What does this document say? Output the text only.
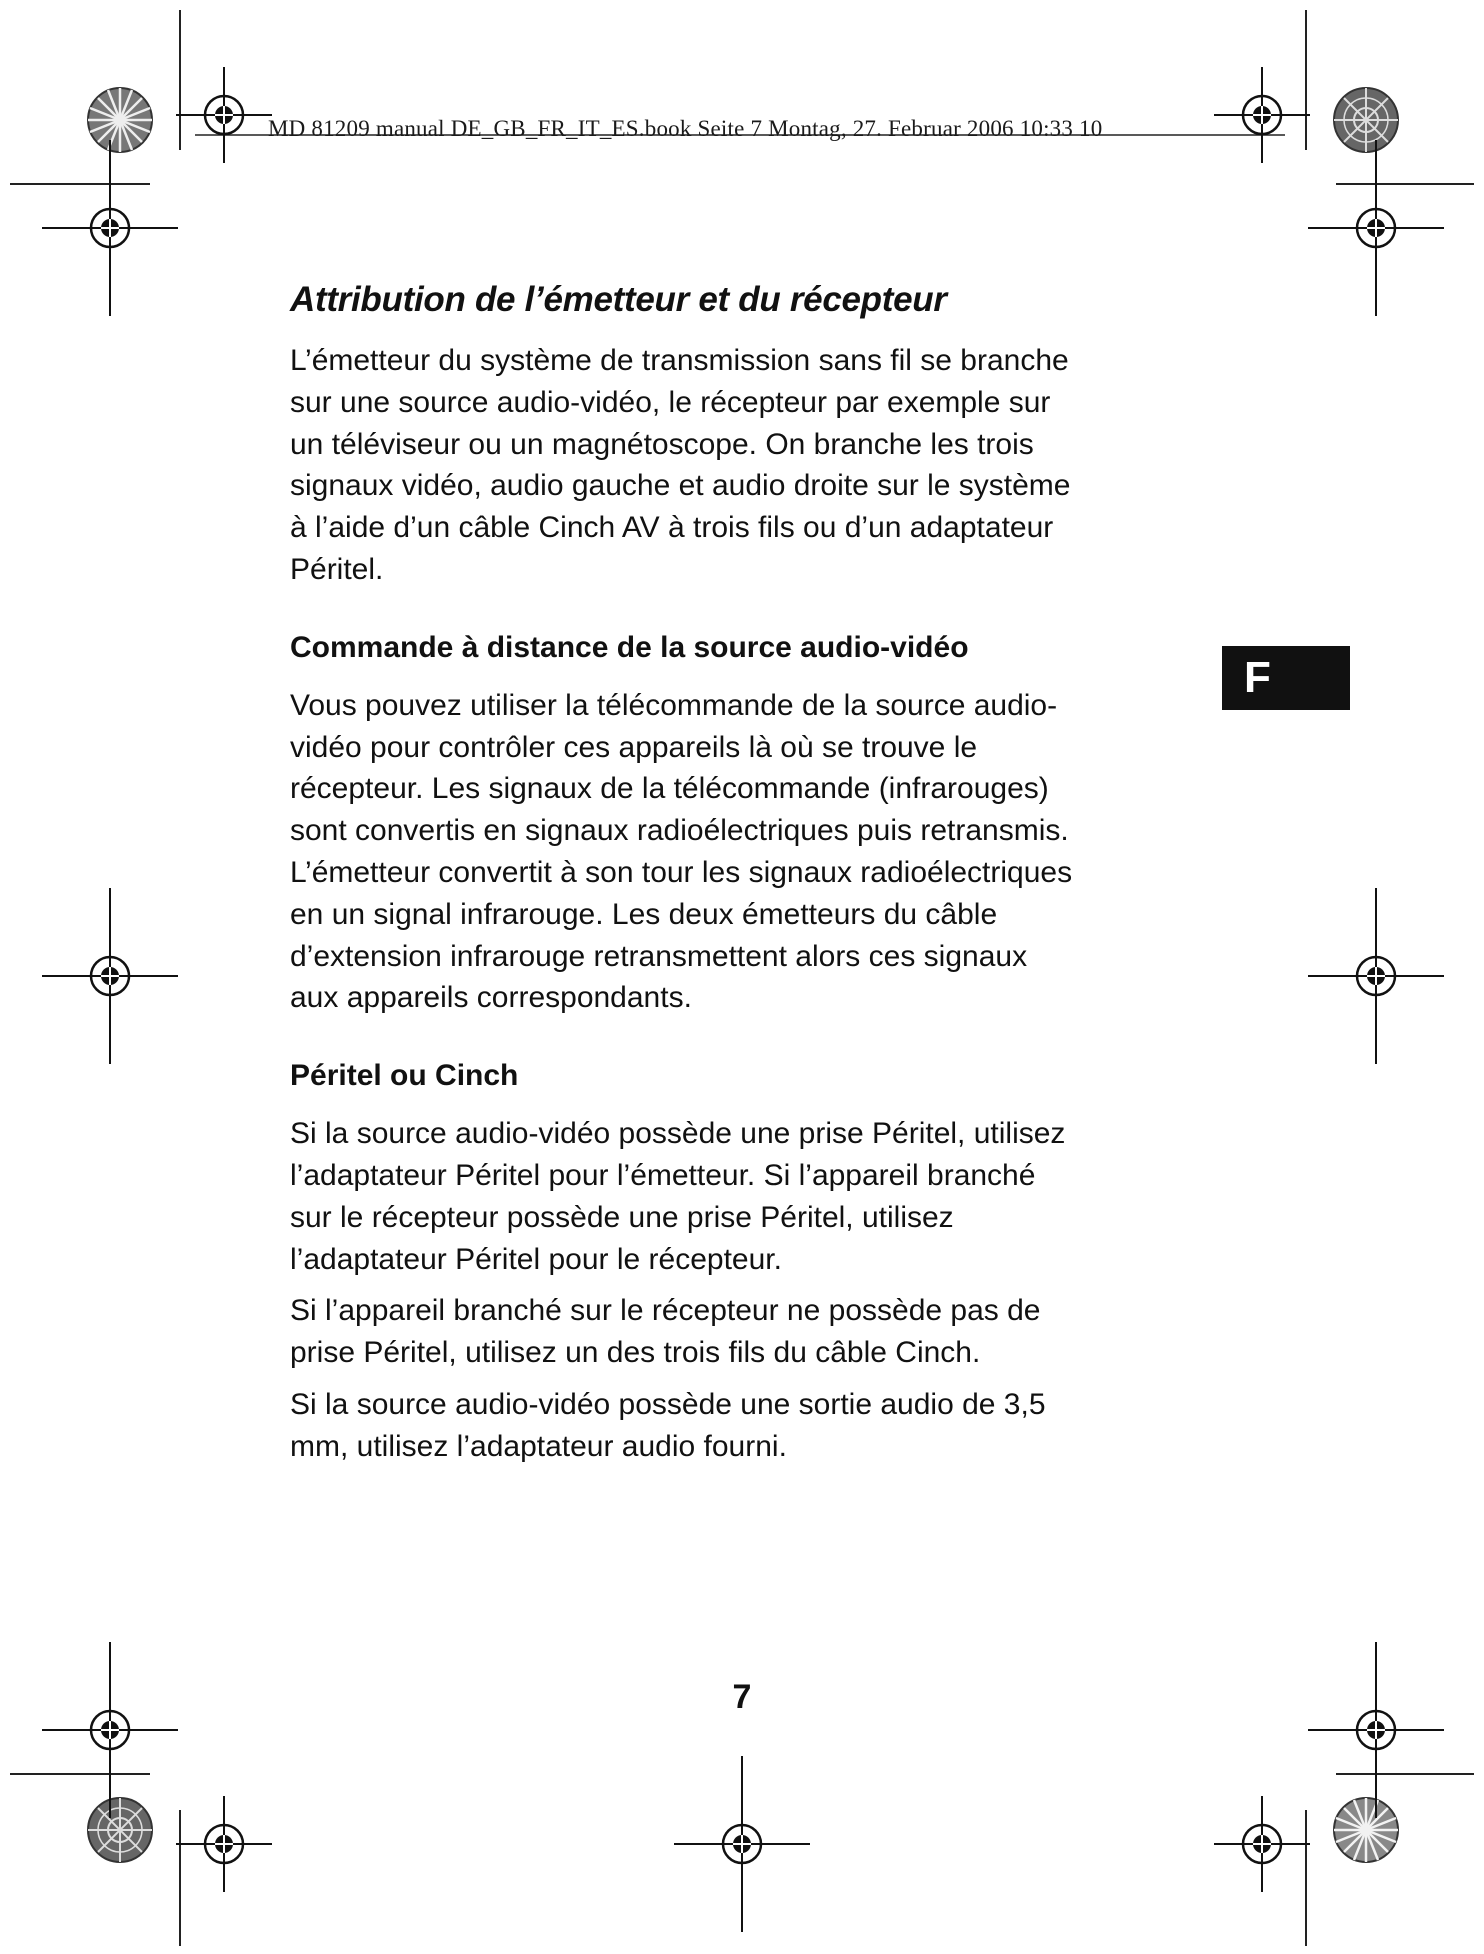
MD 81209 manual DE_GB_FR_IT_ES.book Seite 7 Montag, 27. Februar 2006 10:33 10
F
Attribution de l’émetteur et du récepteur

L’émetteur du système de transmission sans fil se branche
sur une source audio-vidéo, le récepteur par exemple sur
un téléviseur ou un magnétoscope. On branche les trois
signaux vidéo, audio gauche et audio droite sur le système
à l’aide d’un câble Cinch AV à trois fils ou d’un adaptateur
Péritel.

Commande à distance de la source audio-vidéo

Vous pouvez utiliser la télécommande de la source audio-
vidéo pour contrôler ces appareils là où se trouve le
récepteur. Les signaux de la télécommande (infrarouges)
sont convertis en signaux radioélectriques puis retransmis.
L’émetteur convertit à son tour les signaux radioélectriques
en un signal infrarouge. Les deux émetteurs du câble
d’extension infrarouge retransmettent alors ces signaux
aux appareils correspondants.

Péritel ou Cinch

Si la source audio-vidéo possède une prise Péritel, utilisez
l’adaptateur Péritel pour l’émetteur. Si l’appareil branché
sur le récepteur possède une prise Péritel, utilisez
l’adaptateur Péritel pour le récepteur.

Si l’appareil branché sur le récepteur ne possède pas de
prise Péritel, utilisez un des trois fils du câble Cinch.

Si la source audio-vidéo possède une sortie audio de 3,5
mm, utilisez l’adaptateur audio fourni.

7
